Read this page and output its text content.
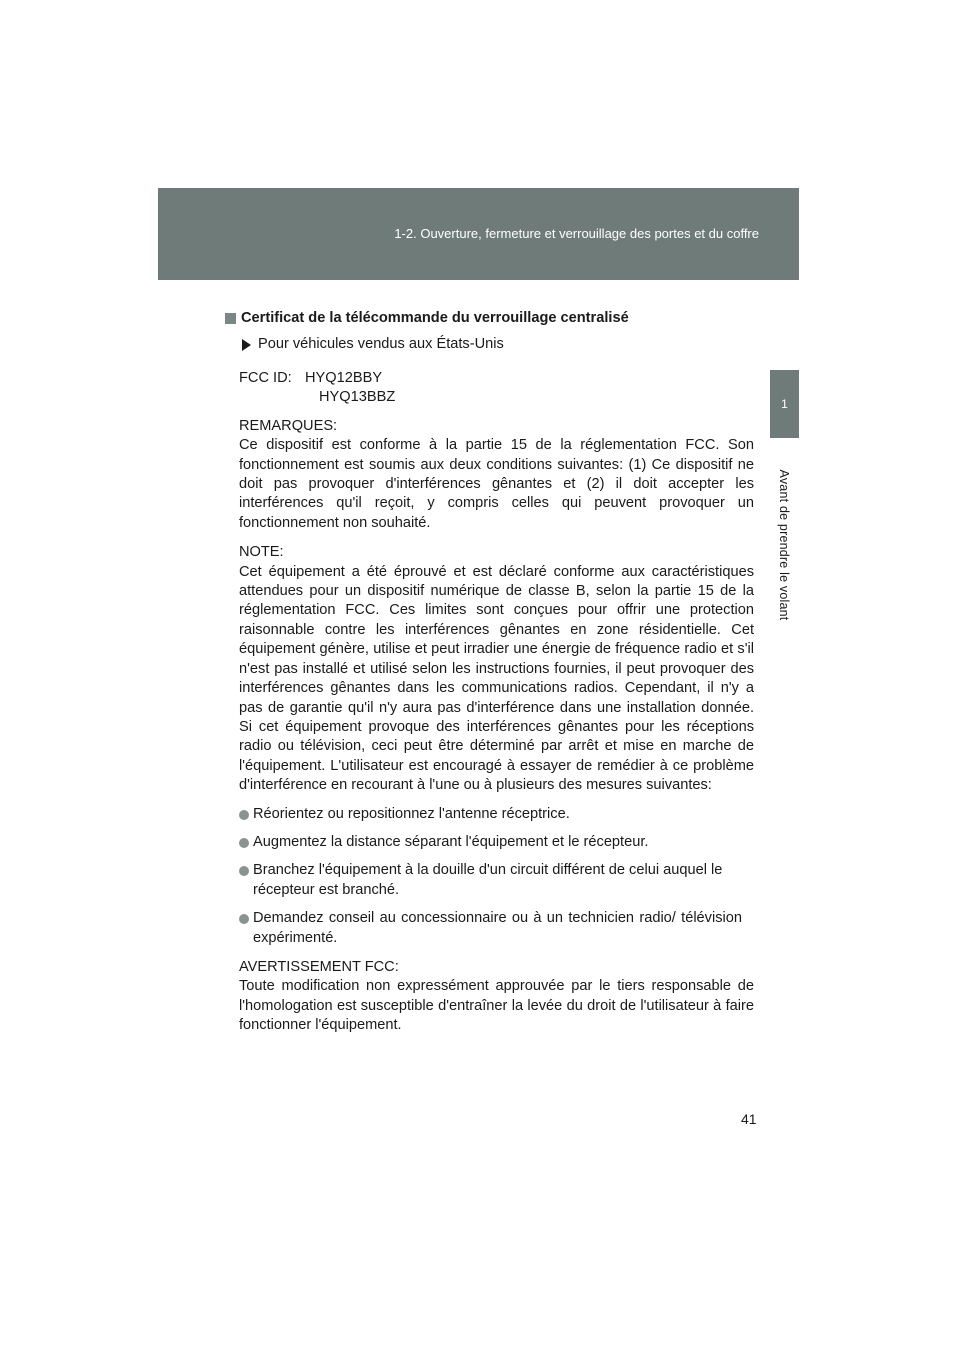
1-2. Ouverture, fermeture et verrouillage des portes et du coffre
1
Avant de prendre le volant
Certificat de la télécommande du verrouillage centralisé
Pour véhicules vendus aux États-Unis
FCC ID: HYQ12BBY
HYQ13BBZ
REMARQUES:
Ce dispositif est conforme à la partie 15 de la réglementation FCC. Son fonctionnement est soumis aux deux conditions suivantes: (1) Ce dispositif ne doit pas provoquer d'interférences gênantes et (2) il doit accepter les interférences qu'il reçoit, y compris celles qui peuvent provoquer un fonctionnement non souhaité.
NOTE:
Cet équipement a été éprouvé et est déclaré conforme aux caractéristiques attendues pour un dispositif numérique de classe B, selon la partie 15 de la réglementation FCC. Ces limites sont conçues pour offrir une protection raisonnable contre les interférences gênantes en zone résidentielle. Cet équipement génère, utilise et peut irradier une énergie de fréquence radio et s'il n'est pas installé et utilisé selon les instructions fournies, il peut provoquer des interférences gênantes dans les communications radios. Cependant, il n'y a pas de garantie qu'il n'y aura pas d'interférence dans une installation donnée. Si cet équipement provoque des interférences gênantes pour les réceptions radio ou télévision, ceci peut être déterminé par arrêt et mise en marche de l'équipement. L'utilisateur est encouragé à essayer de remédier à ce problème d'interférence en recourant à l'une ou à plusieurs des mesures suivantes:
Réorientez ou repositionnez l'antenne réceptrice.
Augmentez la distance séparant l'équipement et le récepteur.
Branchez l'équipement à la douille d'un circuit différent de celui auquel le récepteur est branché.
Demandez conseil au concessionnaire ou à un technicien radio/ télévision expérimenté.
AVERTISSEMENT FCC:
Toute modification non expressément approuvée par le tiers responsable de l'homologation est susceptible d'entraîner la levée du droit de l'utilisateur à faire fonctionner l'équipement.
41
